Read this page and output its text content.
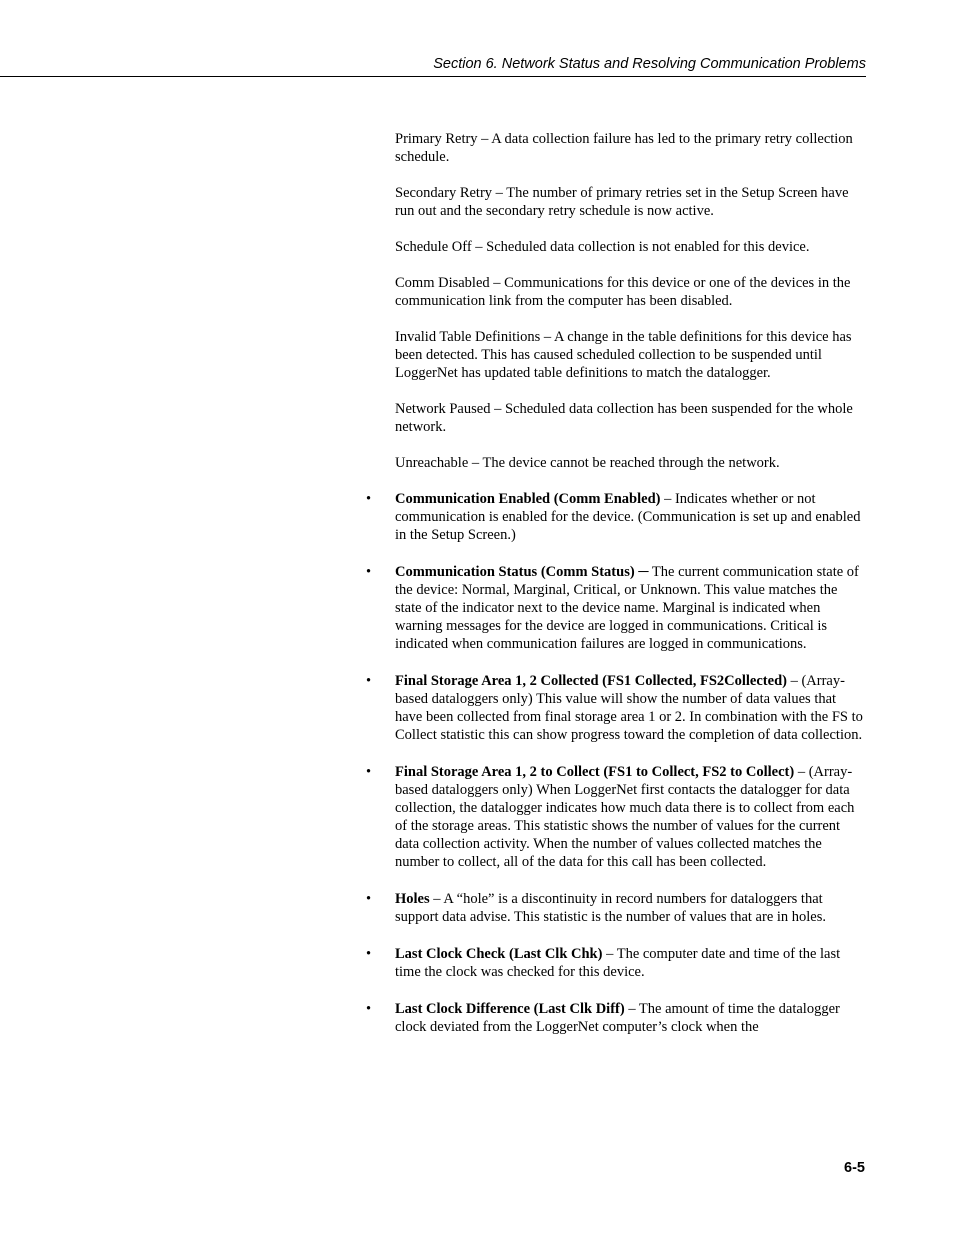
Section 6. Network Status and Resolving Communication Problems

Primary Retry – A data collection failure has led to the primary retry collection schedule.

Secondary Retry – The number of primary retries set in the Setup Screen have run out and the secondary retry schedule is now active.

Schedule Off – Scheduled data collection is not enabled for this device.

Comm Disabled – Communications for this device or one of the devices in the communication link from the computer has been disabled.

Invalid Table Definitions – A change in the table definitions for this device has been detected. This has caused scheduled collection to be suspended until LoggerNet has updated table definitions to match the datalogger.

Network Paused – Scheduled data collection has been suspended for the whole network.

Unreachable – The device cannot be reached through the network.

• Communication Enabled (Comm Enabled) – Indicates whether or not communication is enabled for the device. (Communication is set up and enabled in the Setup Screen.)
• Communication Status (Comm Status) ─ The current communication state of the device: Normal, Marginal, Critical, or Unknown. This value matches the state of the indicator next to the device name. Marginal is indicated when warning messages for the device are logged in communications. Critical is indicated when communication failures are logged in communications.
• Final Storage Area 1, 2 Collected (FS1 Collected, FS2Collected) – (Array-based dataloggers only) This value will show the number of data values that have been collected from final storage area 1 or 2. In combination with the FS to Collect statistic this can show progress toward the completion of data collection.
• Final Storage Area 1, 2 to Collect (FS1 to Collect, FS2 to Collect) – (Array-based dataloggers only) When LoggerNet first contacts the datalogger for data collection, the datalogger indicates how much data there is to collect from each of the storage areas. This statistic shows the number of values for the current data collection activity. When the number of values collected matches the number to collect, all of the data for this call has been collected.
• Holes – A “hole” is a discontinuity in record numbers for dataloggers that support data advise. This statistic is the number of values that are in holes.
• Last Clock Check (Last Clk Chk) – The computer date and time of the last time the clock was checked for this device.
• Last Clock Difference (Last Clk Diff) – The amount of time the datalogger clock deviated from the LoggerNet computer’s clock when the
6-5
